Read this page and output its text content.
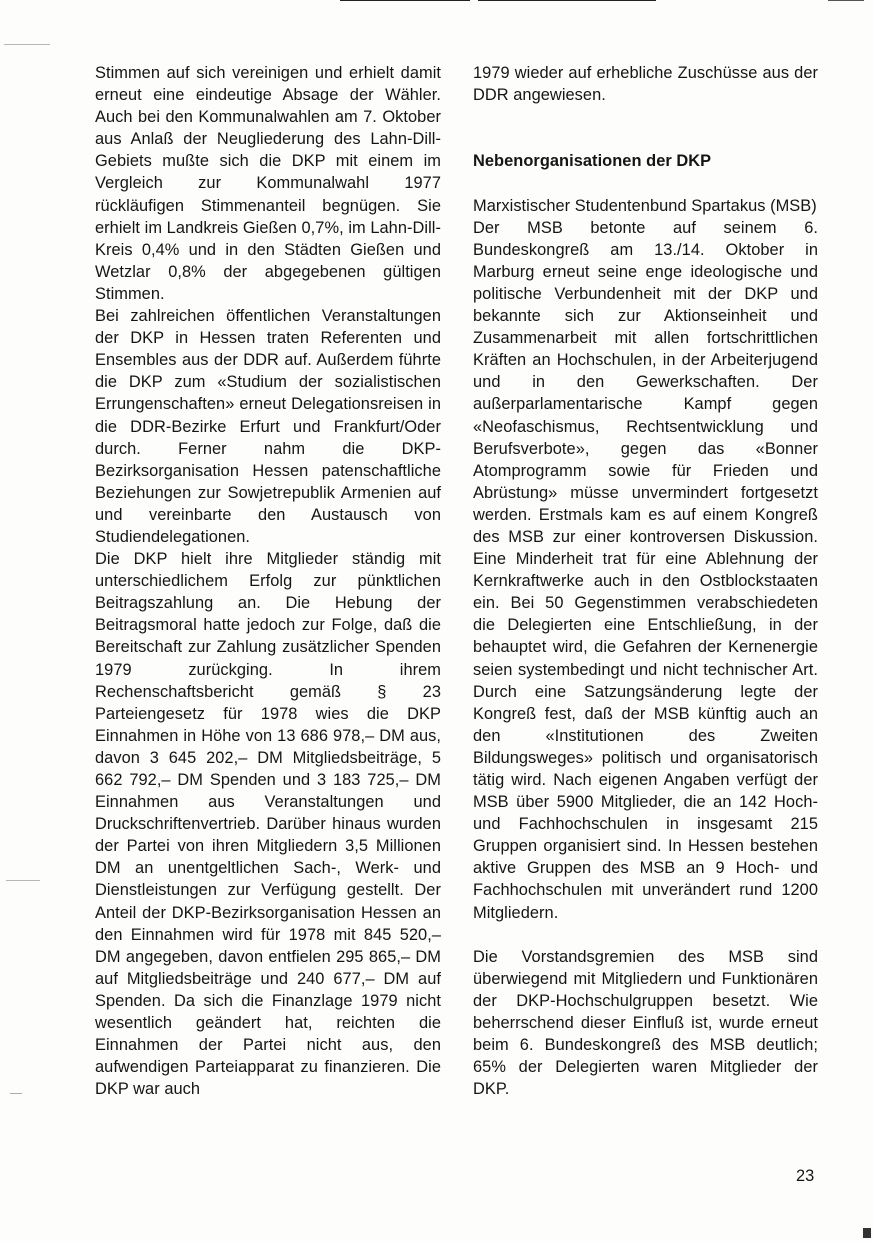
Stimmen auf sich vereinigen und erhielt damit erneut eine eindeutige Absage der Wähler. Auch bei den Kommunalwahlen am 7. Oktober aus Anlaß der Neugliederung des Lahn-Dill-Gebiets mußte sich die DKP mit einem im Vergleich zur Kommunalwahl 1977 rückläufigen Stimmenanteil begnügen. Sie erhielt im Landkreis Gießen 0,7%, im Lahn-Dill-Kreis 0,4% und in den Städten Gießen und Wetzlar 0,8% der abgegebenen gültigen Stimmen.

Bei zahlreichen öffentlichen Veranstaltungen der DKP in Hessen traten Referenten und Ensembles aus der DDR auf. Außerdem führte die DKP zum «Studium der sozialistischen Errungenschaften» erneut Delegationsreisen in die DDR-Bezirke Erfurt und Frankfurt/Oder durch. Ferner nahm die DKP-Bezirksorganisation Hessen patenschaftliche Beziehungen zur Sowjetrepublik Armenien auf und vereinbarte den Austausch von Studiendelegationen.

Die DKP hielt ihre Mitglieder ständig mit unterschiedlichem Erfolg zur pünktlichen Beitragszahlung an. Die Hebung der Beitragsmoral hatte jedoch zur Folge, daß die Bereitschaft zur Zahlung zusätzlicher Spenden 1979 zurückging. In ihrem Rechenschaftsbericht gemäß § 23 Parteiengesetz für 1978 wies die DKP Einnahmen in Höhe von 13 686 978,– DM aus, davon 3 645 202,– DM Mitgliedsbeiträge, 5 662 792,– DM Spenden und 3 183 725,– DM Einnahmen aus Veranstaltungen und Druckschriftenvertrieb. Darüber hinaus wurden der Partei von ihren Mitgliedern 3,5 Millionen DM an unentgeltlichen Sach-, Werk- und Dienstleistungen zur Verfügung gestellt. Der Anteil der DKP-Bezirksorganisation Hessen an den Einnahmen wird für 1978 mit 845 520,– DM angegeben, davon entfielen 295 865,– DM auf Mitgliedsbeiträge und 240 677,– DM auf Spenden. Da sich die Finanzlage 1979 nicht wesentlich geändert hat, reichten die Einnahmen der Partei nicht aus, den aufwendigen Parteiapparat zu finanzieren. Die DKP war auch

1979 wieder auf erhebliche Zuschüsse aus der DDR angewiesen.

Nebenorganisationen der DKP

Marxistischer Studentenbund Spartakus (MSB)

Der MSB betonte auf seinem 6. Bundeskongreß am 13./14. Oktober in Marburg erneut seine enge ideologische und politische Verbundenheit mit der DKP und bekannte sich zur Aktionseinheit und Zusammenarbeit mit allen fortschrittlichen Kräften an Hochschulen, in der Arbeiterjugend und in den Gewerkschaften. Der außerparlamentarische Kampf gegen «Neofaschismus, Rechtsentwicklung und Berufsverbote», gegen das «Bonner Atomprogramm sowie für Frieden und Abrüstung» müsse unvermindert fortgesetzt werden. Erstmals kam es auf einem Kongreß des MSB zur einer kontroversen Diskussion. Eine Minderheit trat für eine Ablehnung der Kernkraftwerke auch in den Ostblockstaaten ein. Bei 50 Gegenstimmen verabschiedeten die Delegierten eine Entschließung, in der behauptet wird, die Gefahren der Kernenergie seien systembedingt und nicht technischer Art. Durch eine Satzungsänderung legte der Kongreß fest, daß der MSB künftig auch an den «Institutionen des Zweiten Bildungsweges» politisch und organisatorisch tätig wird. Nach eigenen Angaben verfügt der MSB über 5900 Mitglieder, die an 142 Hoch- und Fachhochschulen in insgesamt 215 Gruppen organisiert sind. In Hessen bestehen aktive Gruppen des MSB an 9 Hoch- und Fachhochschulen mit unverändert rund 1200 Mitgliedern.

Die Vorstandsgremien des MSB sind überwiegend mit Mitgliedern und Funktionären der DKP-Hochschulgruppen besetzt. Wie beherrschend dieser Einfluß ist, wurde erneut beim 6. Bundeskongreß des MSB deutlich; 65% der Delegierten waren Mitglieder der DKP.

23
